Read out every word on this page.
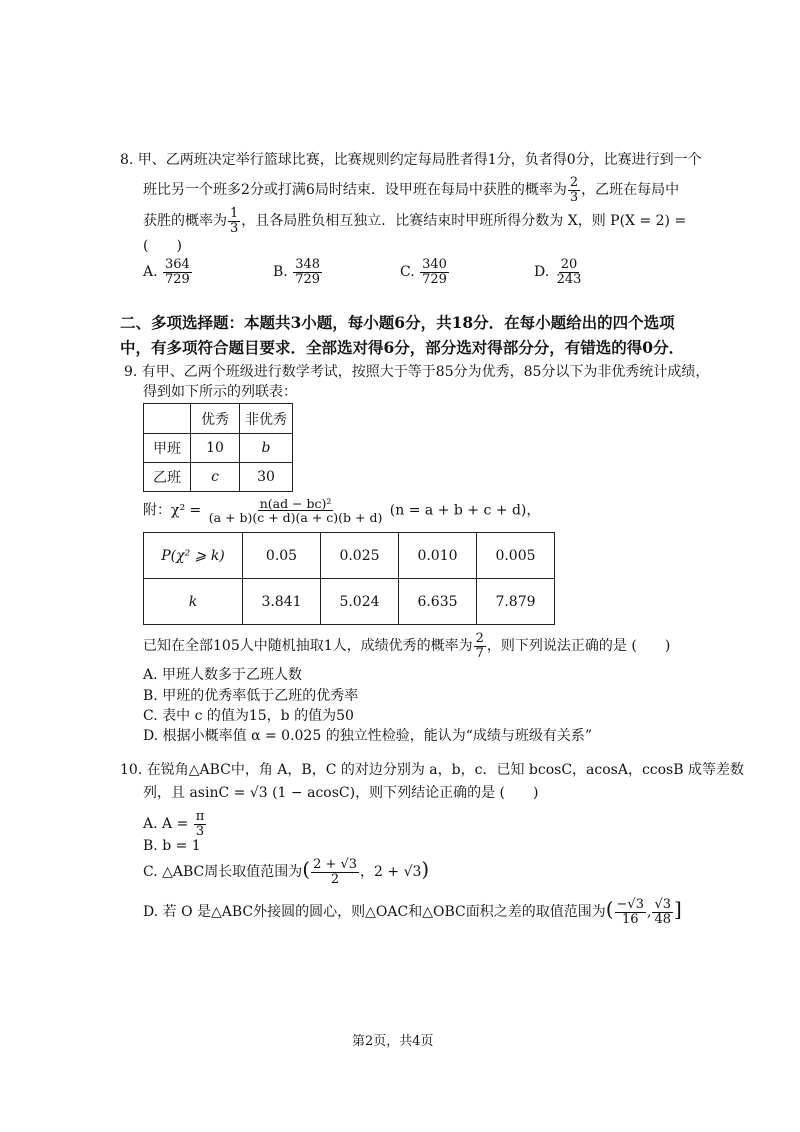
8. 甲、乙两班决定举行篮球比赛，比赛规则约定每局胜者得1分，负者得0分，比赛进行到一个
班比另一个班多2分或打满6局时结束．设甲班在每局中获胜的概率为 $\frac{2}{3}$ ，乙班在每局中
获胜的概率为 $\frac{1}{3}$ ，且各局胜负相互独立．比赛结束时甲班所得分数为 X，则 P(X = 2) =
(　　)
A. $\frac{364}{729}$	B. $\frac{348}{729}$	C. $\frac{340}{729}$	D. $\frac{20}{243}$
二、多项选择题：本题共3小题，每小题6分，共18分．在每小题给出的四个选项
中，有多项符合题目要求．全部选对得6分，部分选对得部分分，有错选的得0分．
9. 有甲、乙两个班级进行数学考试，按照大于等于85分为优秀，85分以下为非优秀统计成绩，
得到如下所示的列联表：
	优秀	非优秀
甲班	10	b
乙班	c	30
附：$\chi^2 = \frac{\text{n(ad − bc)²}}{(a + b)(c + d)(a + c)(b + d)} (n = a + b + c + d)$，
P(χ² ⩾ k)	0.05	0.025	0.010	0.005
k	3.841	5.024	6.635	7.879
已知在全部105人中随机抽取1人，成绩优秀的概率为 $\frac{2}{7}$ ，则下列说法正确的是 (　　)
A. 甲班人数多于乙班人数
B. 甲班的优秀率低于乙班的优秀率
C. 表中 c 的值为15，b 的值为50
D. 根据小概率值 α = 0.025 的独立性检验，能认为“成绩与班级有关系”
10. 在锐角△ABC中，角 A，B，C 的对边分别为 a，b，c．已知 bcosC，acosA，ccosB 成等差数
列，且 asinC = √3 (1 − acosC)，则下列结论正确的是 (　　)
A. $A = \frac{\pi}{3}$
B. b = 1
C. △ABC周长取值范围为( $\frac{2 + √3}{2}$ ，2 + √3)
D. 若 O 是△ABC外接圆的圆心，则△OAC和△OBC面积之差的取值范围为( $\frac{-√3}{16}$ , $\frac{√3}{48}$ ]
第2页，共4页
